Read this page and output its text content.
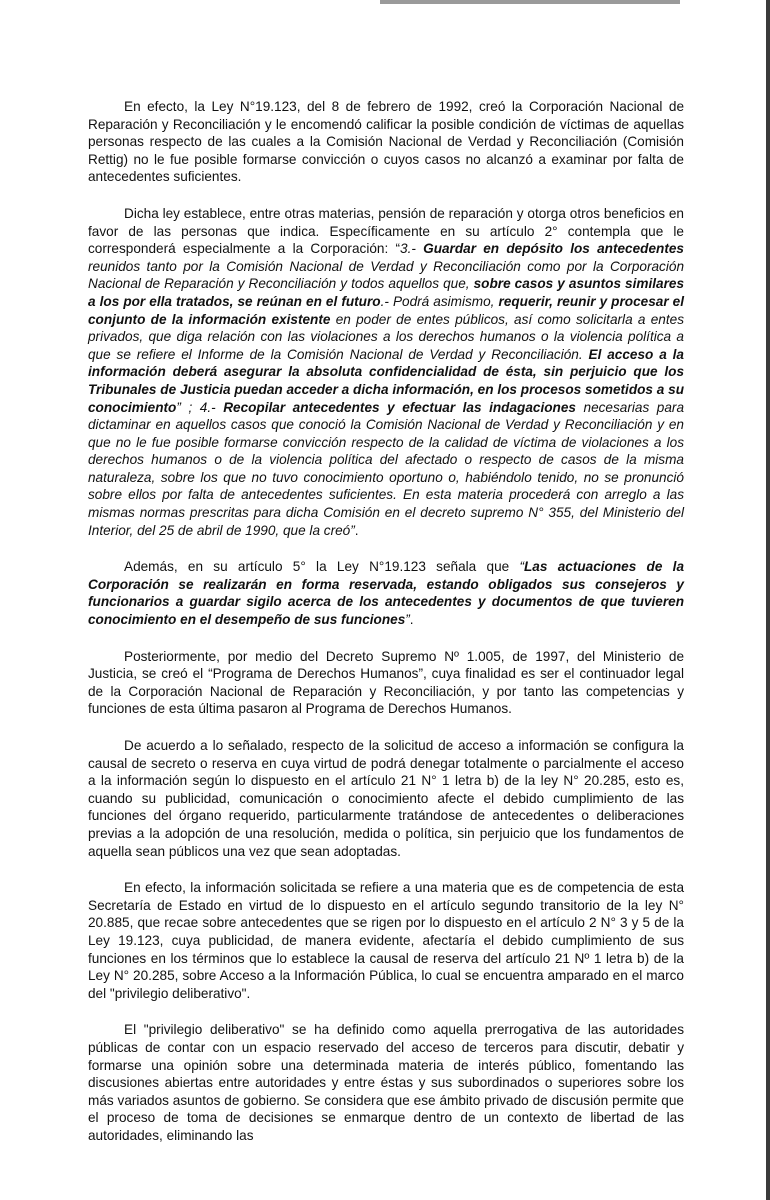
En efecto, la Ley N°19.123, del 8 de febrero de 1992, creó la Corporación Nacional de Reparación y Reconciliación y le encomendó calificar la posible condición de víctimas de aquellas personas respecto de las cuales a la Comisión Nacional de Verdad y Reconciliación (Comisión Rettig) no le fue posible formarse convicción o cuyos casos no alcanzó a examinar por falta de antecedentes suficientes.

Dicha ley establece, entre otras materias, pensión de reparación y otorga otros beneficios en favor de las personas que indica. Específicamente en su artículo 2° contempla que le corresponderá especialmente a la Corporación: “3.- Guardar en depósito los antecedentes reunidos tanto por la Comisión Nacional de Verdad y Reconciliación como por la Corporación Nacional de Reparación y Reconciliación y todos aquellos que, sobre casos y asuntos similares a los por ella tratados, se reúnan en el futuro.- Podrá asimismo, requerir, reunir y procesar el conjunto de la información existente en poder de entes públicos, así como solicitarla a entes privados, que diga relación con las violaciones a los derechos humanos o la violencia política a que se refiere el Informe de la Comisión Nacional de Verdad y Reconciliación. El acceso a la información deberá asegurar la absoluta confidencialidad de ésta, sin perjuicio que los Tribunales de Justicia puedan acceder a dicha información, en los procesos sometidos a su conocimiento” ; 4.- Recopilar antecedentes y efectuar las indagaciones necesarias para dictaminar en aquellos casos que conoció la Comisión Nacional de Verdad y Reconciliación y en que no le fue posible formarse convicción respecto de la calidad de víctima de violaciones a los derechos humanos o de la violencia política del afectado o respecto de casos de la misma naturaleza, sobre los que no tuvo conocimiento oportuno o, habiéndolo tenido, no se pronunció sobre ellos por falta de antecedentes suficientes. En esta materia procederá con arreglo a las mismas normas prescritas para dicha Comisión en el decreto supremo N° 355, del Ministerio del Interior, del 25 de abril de 1990, que la creó”.

Además, en su artículo 5° la Ley N°19.123 señala que “Las actuaciones de la Corporación se realizarán en forma reservada, estando obligados sus consejeros y funcionarios a guardar sigilo acerca de los antecedentes y documentos de que tuvieren conocimiento en el desempeño de sus funciones”.

Posteriormente, por medio del Decreto Supremo Nº 1.005, de 1997, del Ministerio de Justicia, se creó el “Programa de Derechos Humanos”, cuya finalidad es ser el continuador legal de la Corporación Nacional de Reparación y Reconciliación, y por tanto las competencias y funciones de esta última pasaron al Programa de Derechos Humanos.

De acuerdo a lo señalado, respecto de la solicitud de acceso a información se configura la causal de secreto o reserva en cuya virtud de podrá denegar totalmente o parcialmente el acceso a la información según lo dispuesto en el artículo 21 N° 1 letra b) de la ley N° 20.285, esto es, cuando su publicidad, comunicación o conocimiento afecte el debido cumplimiento de las funciones del órgano requerido, particularmente tratándose de antecedentes o deliberaciones previas a la adopción de una resolución, medida o política, sin perjuicio que los fundamentos de aquella sean públicos una vez que sean adoptadas.

En efecto, la información solicitada se refiere a una materia que es de competencia de esta Secretaría de Estado en virtud de lo dispuesto en el artículo segundo transitorio de la ley N° 20.885, que recae sobre antecedentes que se rigen por lo dispuesto en el artículo 2 N° 3 y 5 de la Ley 19.123, cuya publicidad, de manera evidente, afectaría el debido cumplimiento de sus funciones en los términos que lo establece la causal de reserva del artículo 21 Nº 1 letra b) de la Ley N° 20.285, sobre Acceso a la Información Pública, lo cual se encuentra amparado en el marco del "privilegio deliberativo".

El "privilegio deliberativo" se ha definido como aquella prerrogativa de las autoridades públicas de contar con un espacio reservado del acceso de terceros para discutir, debatir y formarse una opinión sobre una determinada materia de interés público, fomentando las discusiones abiertas entre autoridades y entre éstas y sus subordinados o superiores sobre los más variados asuntos de gobierno. Se considera que ese ámbito privado de discusión permite que el proceso de toma de decisiones se enmarque dentro de un contexto de libertad de las autoridades, eliminando las
